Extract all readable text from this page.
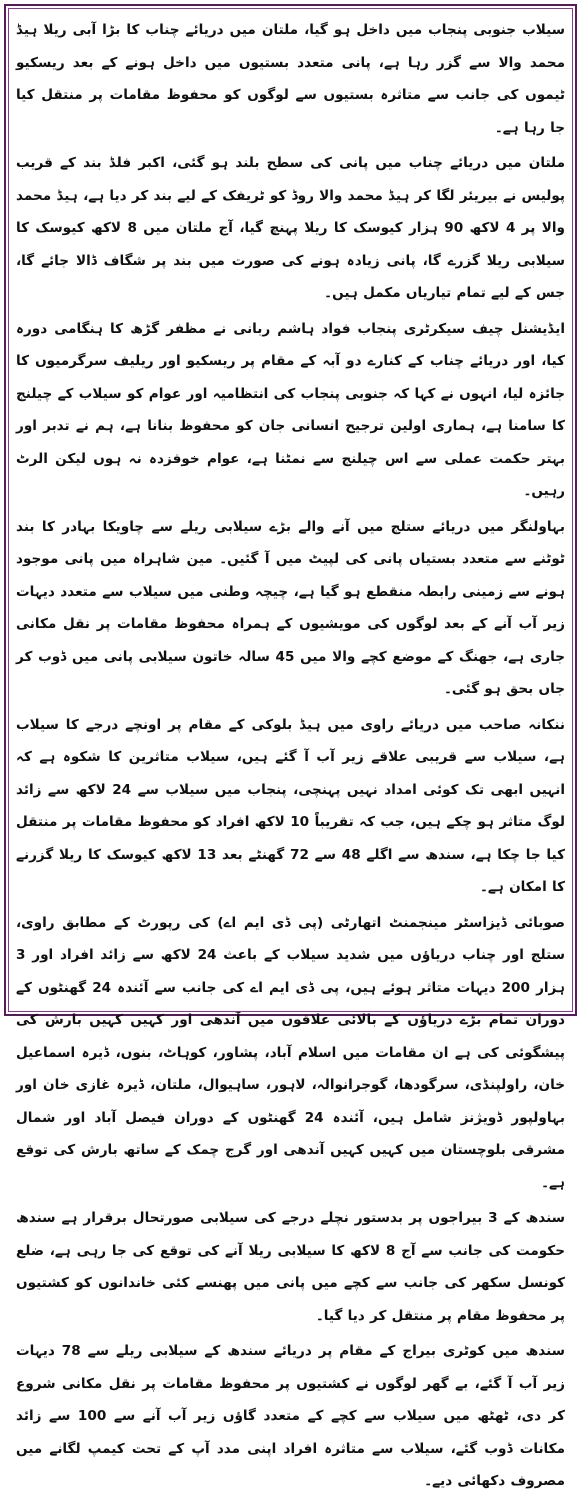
سیلاب جنوبی پنجاب میں داخل ہو گیا، ملتان میں دریائے چناب کا بڑا آبی ریلا ہیڈ محمد والا سے گزر رہا ہے، پانی متعدد بستیوں میں داخل ہونے کے بعد ریسکیو ٹیموں کی جانب سے متاثرہ بستیوں سے لوگوں کو محفوظ مقامات پر منتقل کیا جا رہا ہے۔

ملتان میں دریائے چناب میں پانی کی سطح بلند ہو گئی، اکبر فلڈ بند کے قریب پولیس نے بیریئر لگا کر ہیڈ محمد والا روڈ کو ٹریفک کے لیے بند کر دیا ہے، ہیڈ محمد والا پر 4 لاکھ 90 ہزار کیوسک کا ریلا پہنچ گیا، آج ملتان میں 8 لاکھ کیوسک کا سیلابی ریلا گزرے گا، پانی زیادہ ہونے کی صورت میں بند پر شگاف ڈالا جائے گا، جس کے لیے تمام تیاریاں مکمل ہیں۔

ایڈیشنل چیف سیکرٹری پنجاب فواد ہاشم ربانی نے مظفر گڑھ کا ہنگامی دورہ کیا، اور دریائے چناب کے کنارے دو آبہ کے مقام پر ریسکیو اور ریلیف سرگرمیوں کا جائزہ لیا، انہوں نے کہا کہ جنوبی پنجاب کی انتظامیہ اور عوام کو سیلاب کے چیلنج کا سامنا ہے، ہماری اولین ترجیح انسانی جان کو محفوظ بنانا ہے، ہم نے تدبر اور بہتر حکمت عملی سے اس چیلنج سے نمٹنا ہے، عوام خوفزدہ نہ ہوں لیکن الرٹ رہیں۔

بہاولنگر میں دریائے ستلج میں آنے والے بڑے سیلابی ریلے سے چاویکا بہادر کا بند ٹوٹنے سے متعدد بستیاں پانی کی لپیٹ میں آ گئیں۔ مین شاہراہ میں پانی موجود ہونے سے زمینی رابطہ منقطع ہو گیا ہے، چیچہ وطنی میں سیلاب سے متعدد دیہات زیر آب آنے کے بعد لوگوں کی مویشیوں کے ہمراہ محفوظ مقامات پر نقل مکانی جاری ہے، جھنگ کے موضع کچے والا میں 45 سالہ خاتون سیلابی پانی میں ڈوب کر جاں بحق ہو گئی۔

ننکانہ صاحب میں دریائے راوی میں ہیڈ بلوکی کے مقام پر اونچے درجے کا سیلاب ہے، سیلاب سے قریبی علاقے زیر آب آ گئے ہیں، سیلاب متاثرین کا شکوہ ہے کہ انہیں ابھی تک کوئی امداد نہیں پہنچی، پنجاب میں سیلاب سے 24 لاکھ سے زائد لوگ متاثر ہو چکے ہیں، جب کہ تقریباً 10 لاکھ افراد کو محفوظ مقامات پر منتقل کیا جا چکا ہے، سندھ سے اگلے 48 سے 72 گھنٹے بعد 13 لاکھ کیوسک کا ریلا گزرنے کا امکان ہے۔

صوبائی ڈیزاسٹر مینجمنٹ اتھارٹی (پی ڈی ایم اے) کی رپورٹ کے مطابق راوی، ستلج اور چناب دریاؤں میں شدید سیلاب کے باعث 24 لاکھ سے زائد افراد اور 3 ہزار 200 دیہات متاثر ہوئے ہیں، پی ڈی ایم اے کی جانب سے آئندہ 24 گھنٹوں کے دوران تمام بڑے دریاؤں کے بالائی علاقوں میں آندھی اور کہیں کہیں بارش کی پیشگوئی کی ہے ان مقامات میں اسلام آباد، پشاور، کوہاٹ، بنوں، ڈیرہ اسماعیل خان، راولپنڈی، سرگودھا، گوجرانوالہ، لاہور، ساہیوال، ملتان، ڈیرہ غازی خان اور بہاولپور ڈویژنز شامل ہیں، آئندہ 24 گھنٹوں کے دوران فیصل آباد اور شمال مشرقی بلوچستان میں کہیں کہیں آندھی اور گرج چمک کے ساتھ بارش کی توقع ہے۔

سندھ کے 3 بیراجوں پر بدستور نچلے درجے کی سیلابی صورتحال برقرار ہے سندھ حکومت کی جانب سے آج 8 لاکھ کا سیلابی ریلا آنے کی توقع کی جا رہی ہے، ضلع کونسل سکھر کی جانب سے کچے میں پانی میں پھنسے کئی خاندانوں کو کشتیوں پر محفوظ مقام پر منتقل کر دیا گیا۔

سندھ میں کوٹری بیراج کے مقام پر دریائے سندھ کے سیلابی ریلے سے 78 دیہات زیر آب آ گئے، بے گھر لوگوں نے کشتیوں پر محفوظ مقامات پر نقل مکانی شروع کر دی، ٹھٹھ میں سیلاب سے کچے کے متعدد گاؤں زیر آب آنے سے 100 سے زائد مکانات ڈوب گئے، سیلاب سے متاثرہ افراد اپنی مدد آپ کے تحت کیمپ لگانے میں مصروف دکھائی دیے۔
